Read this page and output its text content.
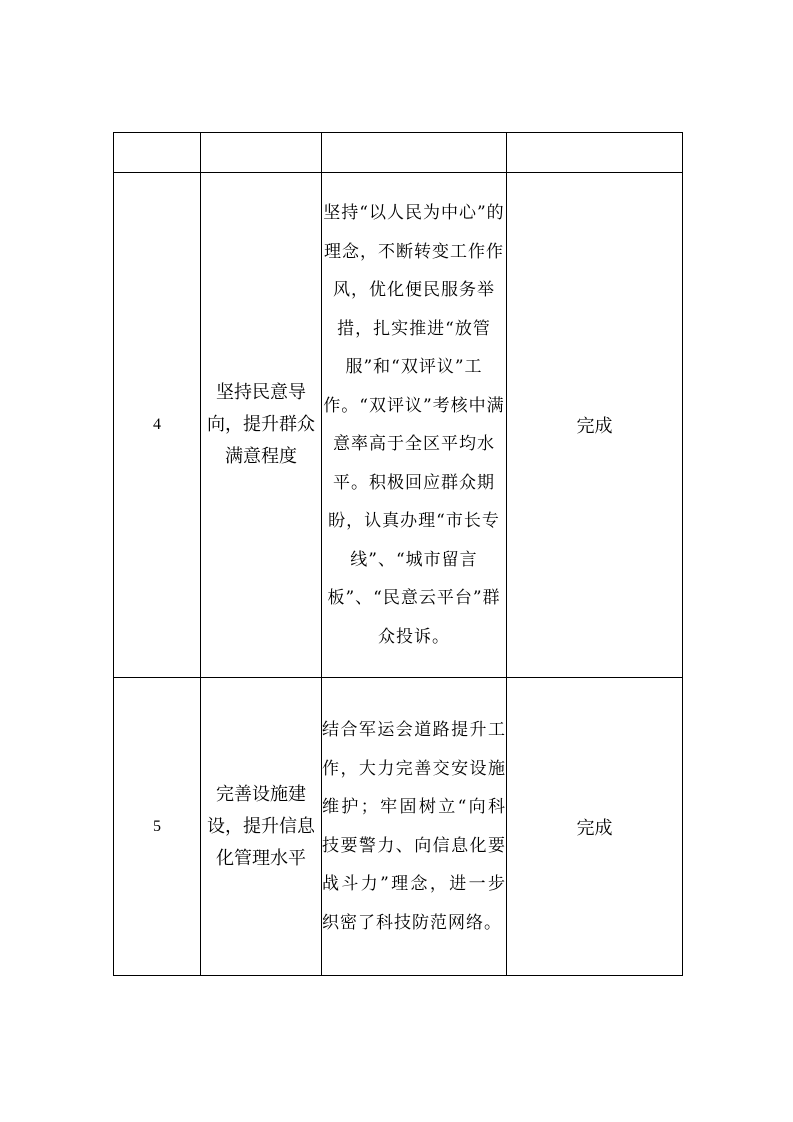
4	坚持民意导向，提升群众满意程度	坚持“以人民为中心”的理念，不断转变工作作风，优化便民服务举措，扎实推进“放管服”和“双评议”工作。“双评议”考核中满意率高于全区平均水平。积极回应群众期盼，认真办理“市长专线”、“城市留言板”、“民意云平台”群众投诉。	完成
5	完善设施建设，提升信息化管理水平	结合军运会道路提升工作，大力完善交安设施维护；牢固树立“向科技要警力、向信息化要战斗力”理念，进一步织密了科技防范网络。	完成
